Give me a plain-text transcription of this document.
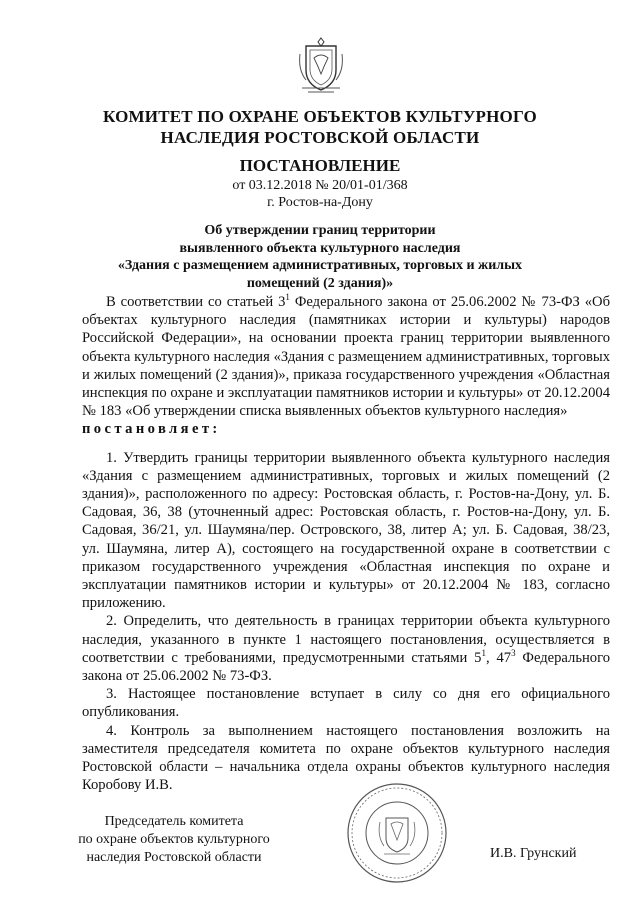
КОМИТЕТ ПО ОХРАНЕ ОБЪЕКТОВ КУЛЬТУРНОГО
НАСЛЕДИЯ РОСТОВСКОЙ ОБЛАСТИ
ПОСТАНОВЛЕНИЕ
от 03.12.2018 № 20/01-01/368
г. Ростов-на-Дону
Об утверждении границ территории
выявленного объекта культурного наследия
«Здания с размещением административных, торговых и жилых
помещений (2 здания)»

В соответствии со статьей $3^1$ Федерального закона от 25.06.2002 № 73-ФЗ «Об объектах культурного наследия (памятниках истории и культуры) народов Российской Федерации», на основании проекта границ территории выявленного объекта культурного наследия «Здания с размещением административных, торговых и жилых помещений (2 здания)», приказа государственного учреждения «Областная инспекция по охране и эксплуатации памятников истории и культуры» от 20.12.2004 № 183 «Об утверждении списка выявленных объектов культурного наследия»

постановляет:

1. Утвердить границы территории выявленного объекта культурного наследия «Здания с размещением административных, торговых и жилых помещений (2 здания)», расположенного по адресу: Ростовская область, г. Ростов-на-Дону, ул. Б. Садовая, 36, 38 (уточненный адрес: Ростовская область, г. Ростов-на-Дону, ул. Б. Садовая, 36/21, ул. Шаумяна/пер. Островского, 38, литер А; ул. Б. Садовая, 38/23, ул. Шаумяна, литер А), состоящего на государственной охране в соответствии с приказом государственного учреждения «Областная инспекция по охране и эксплуатации памятников истории и культуры» от 20.12.2004 № 183, согласно приложению.

2. Определить, что деятельность в границах территории объекта культурного наследия, указанного в пункте 1 настоящего постановления, осуществляется в соответствии с требованиями, предусмотренными статьями $5^1$, $47^3$ Федерального закона от 25.06.2002 № 73-ФЗ.

3. Настоящее постановление вступает в силу со дня его официального опубликования.

4. Контроль за выполнением настоящего постановления возложить на заместителя председателя комитета по охране объектов культурного наследия Ростовской области – начальника отдела охраны объектов культурного наследия Коробову И.В.

Председатель комитета
по охране объектов культурного
наследия Ростовской области	И.В. Грунский
